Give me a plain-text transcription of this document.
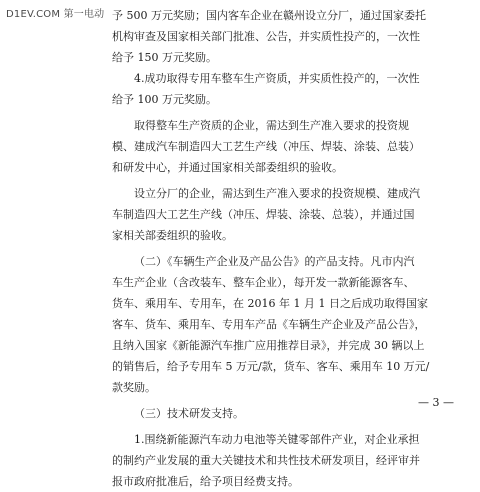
D1EV.COM 第一电动 予 500 万元奖励；国内客车企业在赣州设立分厂，通过国家委托
机构审查及国家相关部门批准、公告，并实质性投产的，一次性
给予 150 万元奖励。
4.成功取得专用车整车生产资质，并实质性投产的，一次性
给予 100 万元奖励。
取得整车生产资质的企业，需达到生产准入要求的投资规
模、建成汽车制造四大工艺生产线（冲压、焊装、涂装、总装）
和研发中心，并通过国家相关部委组织的验收。
设立分厂的企业，需达到生产准入要求的投资规模、建成汽
车制造四大工艺生产线（冲压、焊装、涂装、总装），并通过国
家相关部委组织的验收。
（二）《车辆生产企业及产品公告》的产品支持。凡市内汽
车生产企业（含改装车、整车企业），每开发一款新能源客车、
货车、乘用车、专用车，在 2016 年 1 月 1 日之后成功取得国家
客车、货车、乘用车、专用车产品《车辆生产企业及产品公告》，
且纳入国家《新能源汽车推广应用推荐目录》，并完成 30 辆以上
的销售后，给予专用车 5 万元/款，货车、客车、乘用车 10 万元/
款奖励。
（三）技术研发支持。
1.围绕新能源汽车动力电池等关键零部件产业，对企业承担
的制约产业发展的重大关键技术和共性技术研发项目，经评审并
报市政府批准后，给予项目经费支持。
— 3 —
